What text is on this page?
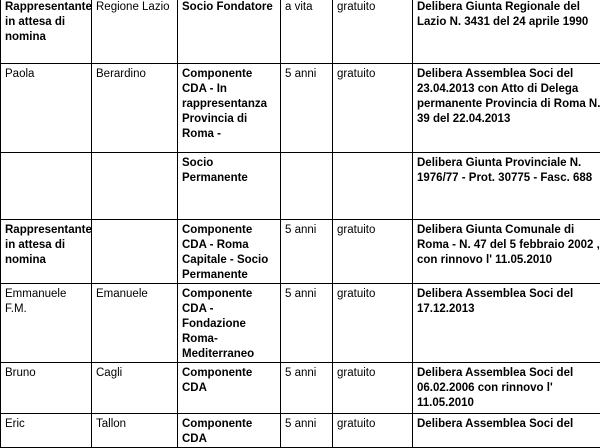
Rappresentante in attesa di nomina	Regione Lazio	Socio Fondatore	a vita	gratuito	Delibera Giunta Regionale del Lazio N. 3431 del 24 aprile 1990
Paola	Berardino	Componente CDA - In rappresentanza Provincia di Roma -	5 anni	gratuito	Delibera Assemblea Soci del 23.04.2013 con Atto di Delega permanente Provincia di Roma N. 39 del 22.04.2013
		Socio Permanente			Delibera Giunta Provinciale N. 1976/77 - Prot. 30775 - Fasc. 688
Rappresentante in attesa di nomina		Componente CDA - Roma Capitale - Socio Permanente	5 anni	gratuito	Delibera Giunta Comunale di Roma - N. 47 del 5 febbraio 2002 , con rinnovo l' 11.05.2010
Emmanuele F.M.	Emanuele	Componente CDA - Fondazione Roma-Mediterraneo	5 anni	gratuito	Delibera Assemblea Soci del 17.12.2013
Bruno	Cagli	Componente CDA	5 anni	gratuito	Delibera Assemblea Soci del 06.02.2006 con rinnovo l' 11.05.2010
Eric	Tallon	Componente CDA	5 anni	gratuito	Delibera Assemblea Soci del
